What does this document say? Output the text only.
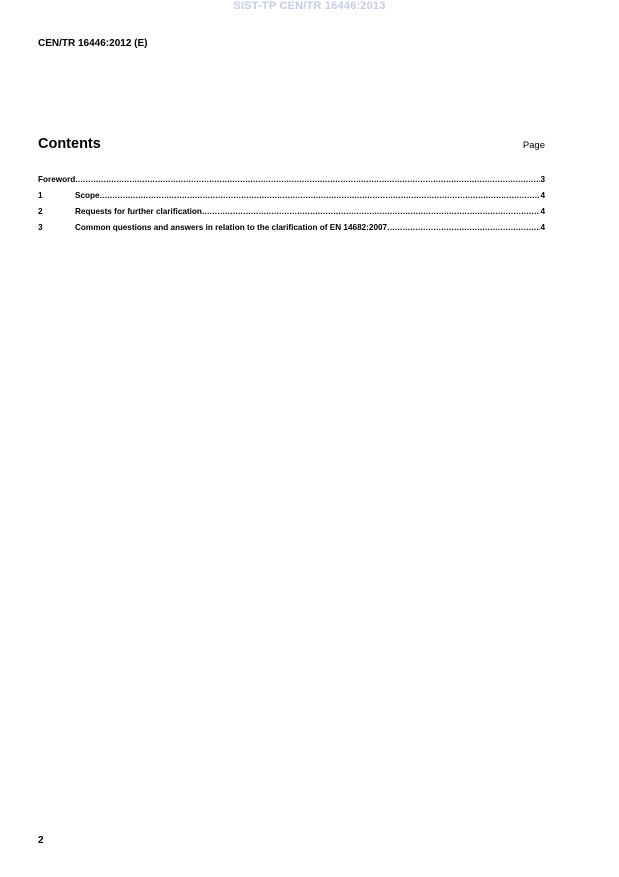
SIST-TP CEN/TR 16446:2013
CEN/TR 16446:2012 (E)
Contents	Page
Foreword .....	3
1	Scope .....	4
2	Requests for further clarification .....	4
3	Common questions and answers in relation to the clarification of EN 14682:2007 .....	4
2
